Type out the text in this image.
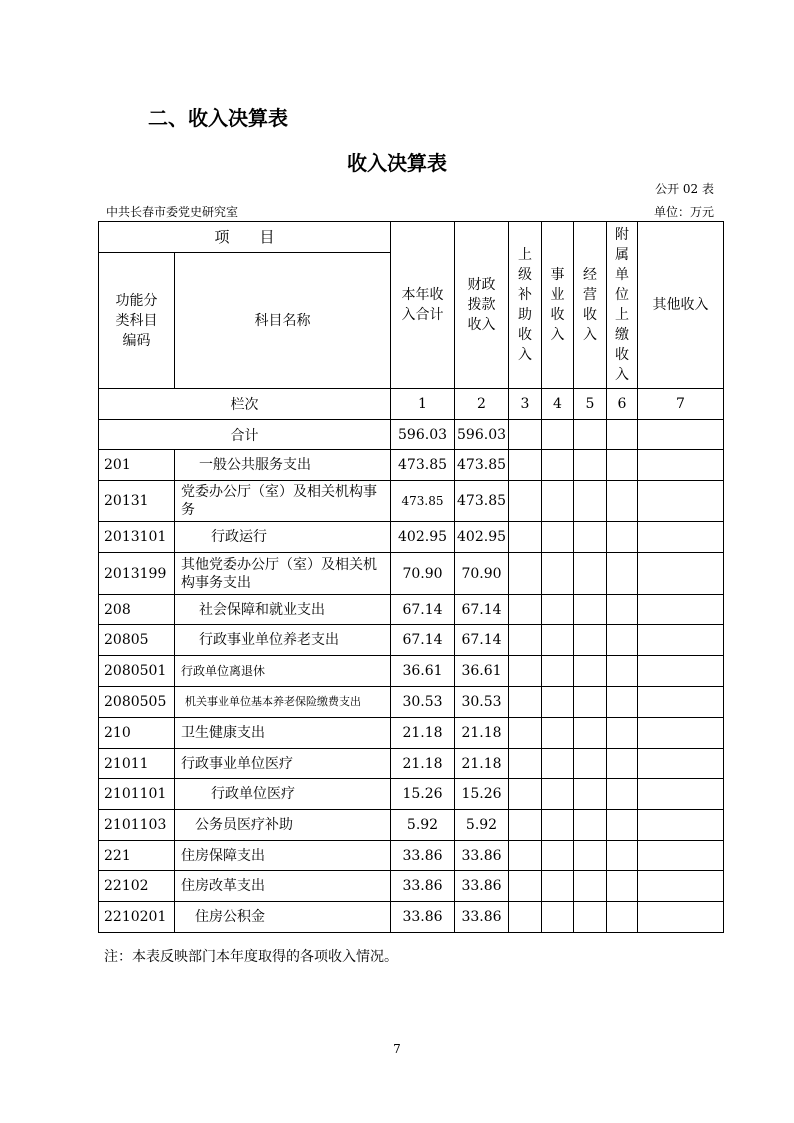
二、收入决算表
收入决算表
公开 02 表
中共长春市委党史研究室	单位：万元
项　　目		本年收入合计	财政拨款收入	上级补助收入	事业收入	经营收入	附属单位上缴收入	其他收入
功能分类科目编码	科目名称							
栏次		1	2	3	4	5	6	7
合计		596.03	596.03					
201	一般公共服务支出	473.85	473.85					
20131	党委办公厅（室）及相关机构事务	473.85	473.85					
2013101	行政运行	402.95	402.95					
2013199	其他党委办公厅（室）及相关机构事务支出	70.90	70.90					
208	社会保障和就业支出	67.14	67.14					
20805	行政事业单位养老支出	67.14	67.14					
2080501	行政单位离退休	36.61	36.61					
2080505	机关事业单位基本养老保险缴费支出	30.53	30.53					
210	卫生健康支出	21.18	21.18					
21011	行政事业单位医疗	21.18	21.18					
2101101	行政单位医疗	15.26	15.26					
2101103	公务员医疗补助	5.92	5.92					
221	住房保障支出	33.86	33.86					
22102	住房改革支出	33.86	33.86					
2210201	住房公积金	33.86	33.86					
注：本表反映部门本年度取得的各项收入情况。
7
